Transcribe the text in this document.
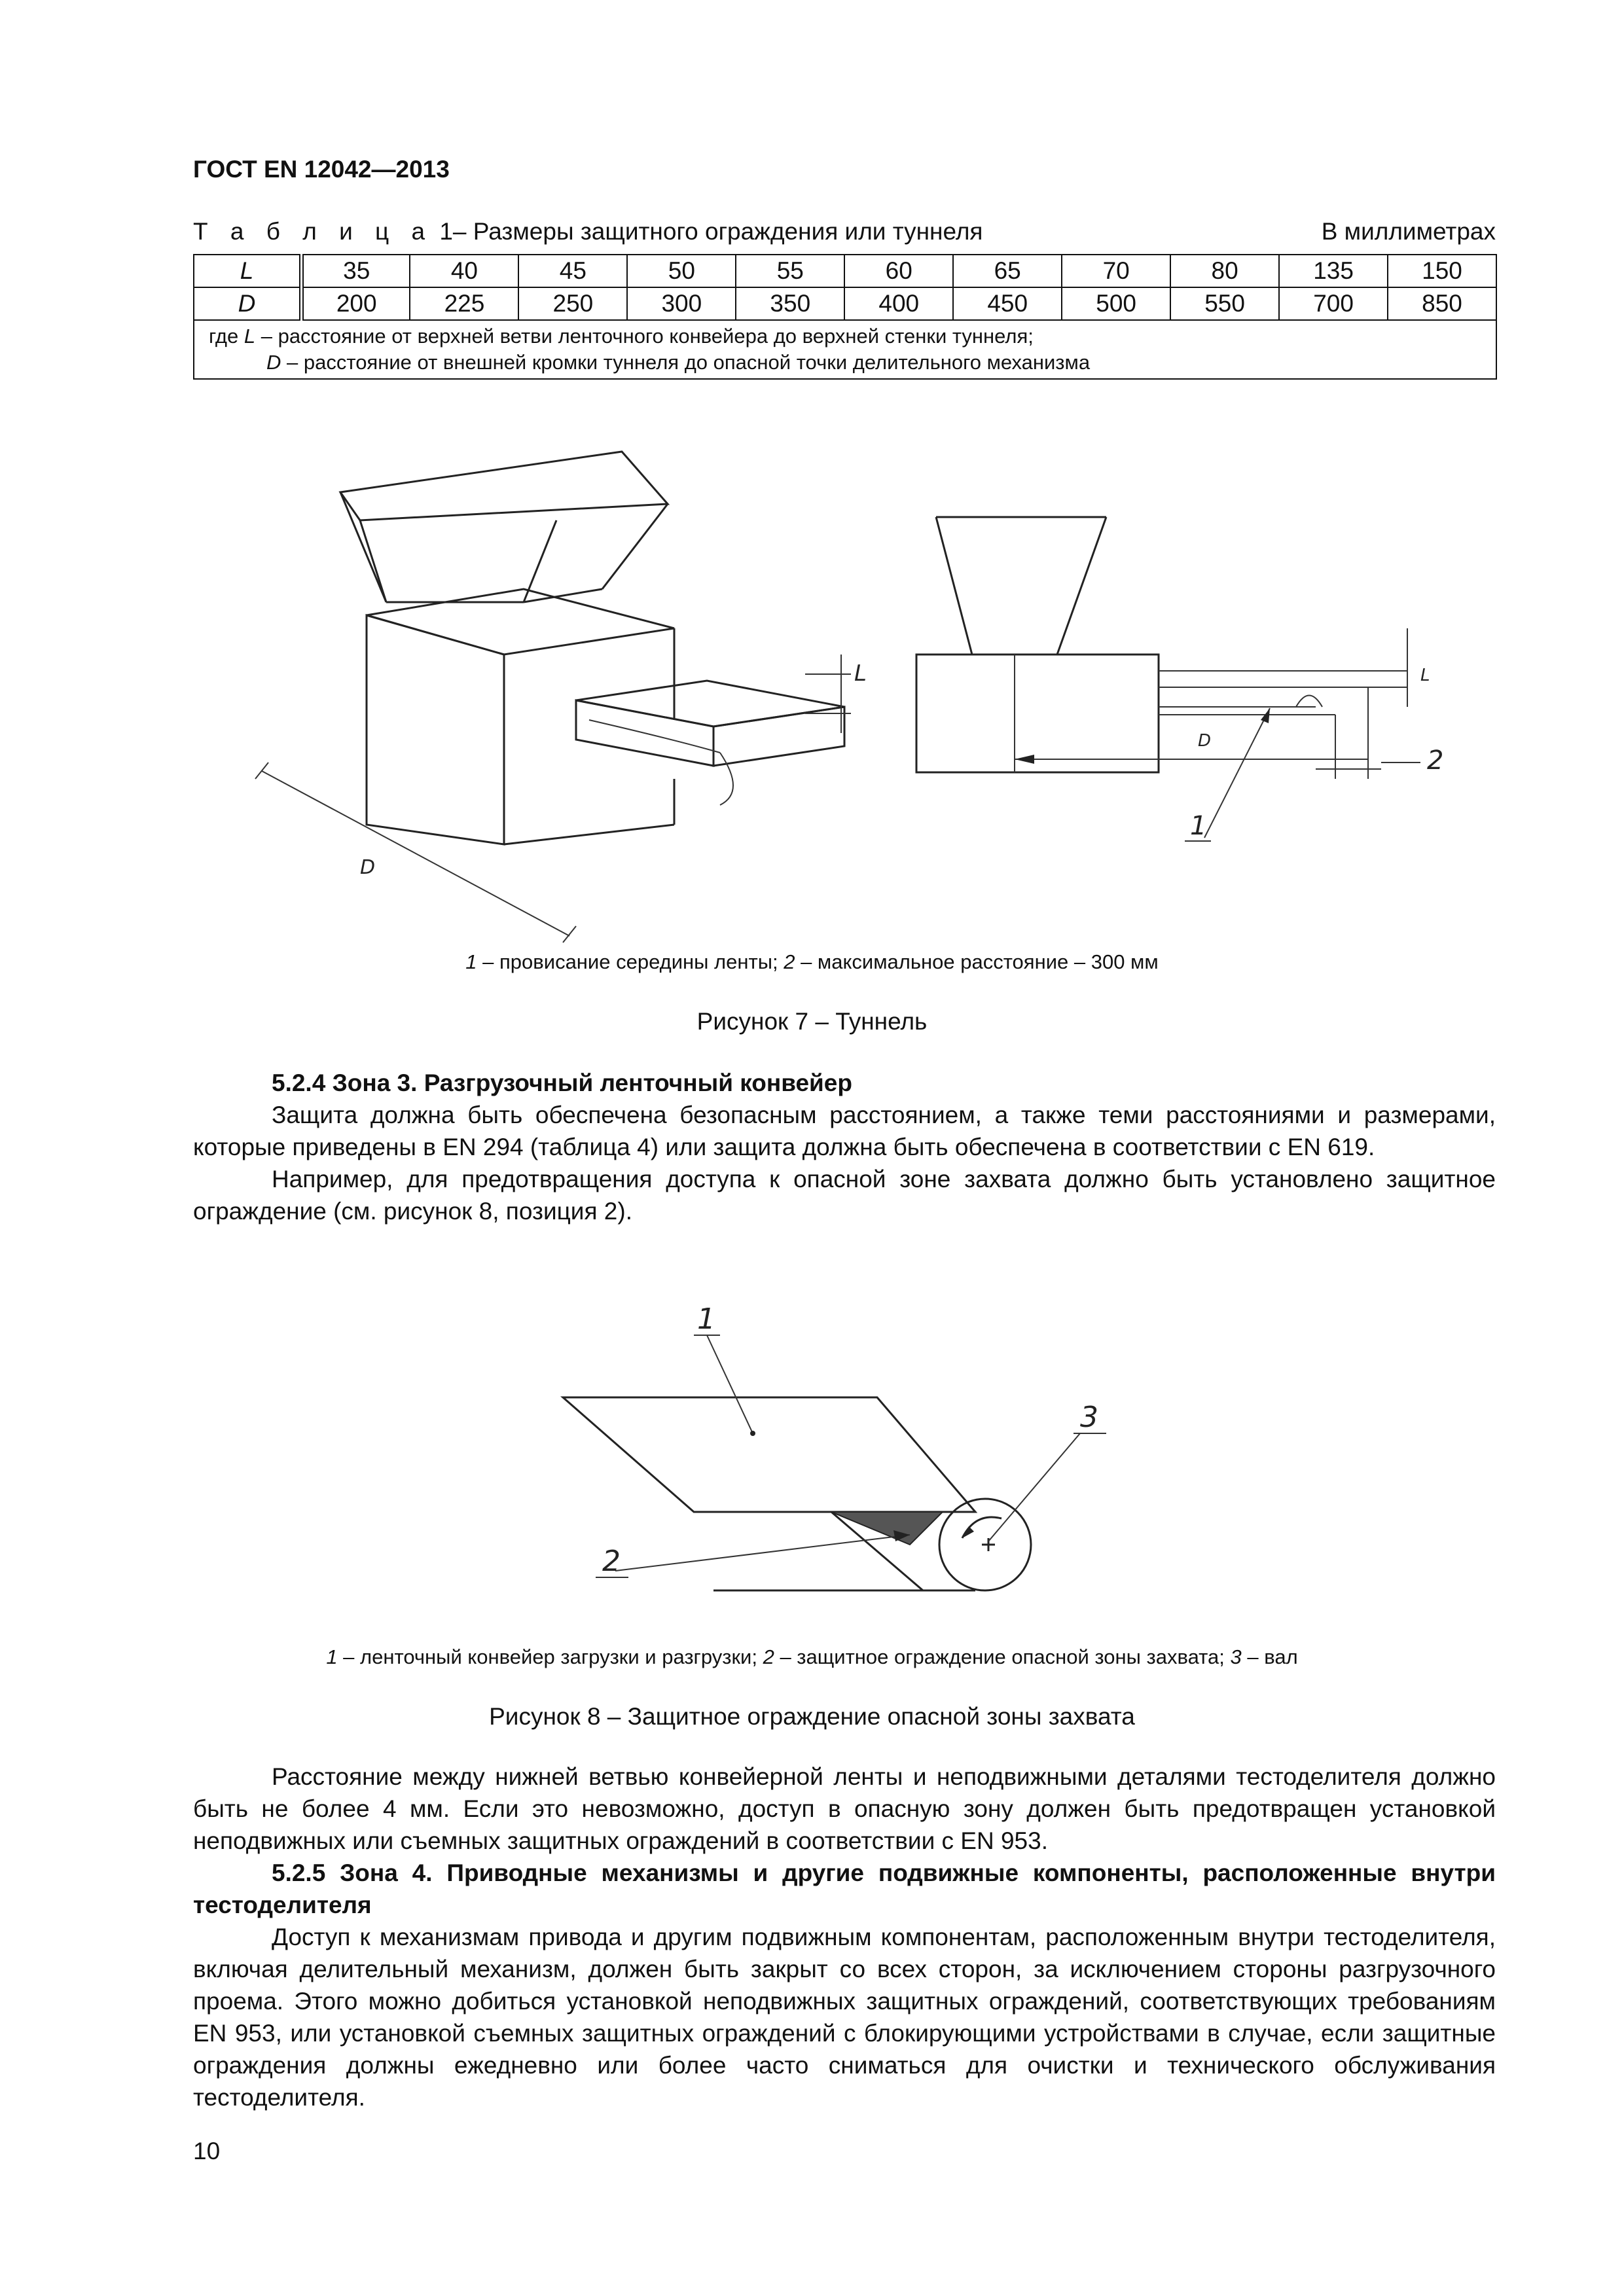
ГОСТ EN 12042—2013
Т а б л и ц а 1– Размеры защитного ограждения или туннеля	В миллиметрах
L	35	40	45	50	55	60	65	70	80	135	150
D	200	225	250	300	350	400	450	500	550	700	850

где L – расстояние от верхней ветви ленточного конвейера до верхней стенки туннеля;
D – расстояние от внешней кромки туннеля до опасной точки делительного механизма											
L
D
L
D
2
1
1 – провисание середины ленты; 2 – максимальное расстояние – 300 мм
Рисунок 7 – Туннель

5.2.4 Зона 3. Разгрузочный ленточный конвейер

Защита должна быть обеспечена безопасным расстоянием, а также теми расстояниями и размерами, которые приведены в EN 294 (таблица 4) или защита должна быть обеспечена в соответствии с EN 619.

Например, для предотвращения доступа к опасной зоне захвата должно быть установлено защитное ограждение (см. рисунок 8, позиция 2).

1
2
3
1 – ленточный конвейер загрузки и разгрузки; 2 – защитное ограждение опасной зоны захвата; 3 – вал
Рисунок 8 – Защитное ограждение опасной зоны захвата

Расстояние между нижней ветвью конвейерной ленты и неподвижными деталями тестоделителя должно быть не более 4 мм. Если это невозможно, доступ в опасную зону должен быть предотвращен установкой неподвижных или съемных защитных ограждений в соответствии с EN 953.

5.2.5 Зона 4. Приводные механизмы и другие подвижные компоненты, расположенные внутри тестоделителя

Доступ к механизмам привода и другим подвижным компонентам, расположенным внутри тестоделителя, включая делительный механизм, должен быть закрыт со всех сторон, за исключением стороны разгрузочного проема. Этого можно добиться установкой неподвижных защитных ограждений, соответствующих требованиям EN 953, или установкой съемных защитных ограждений с блокирующими устройствами в случае, если защитные ограждения должны ежедневно или более часто сниматься для очистки и технического обслуживания тестоделителя.

10
